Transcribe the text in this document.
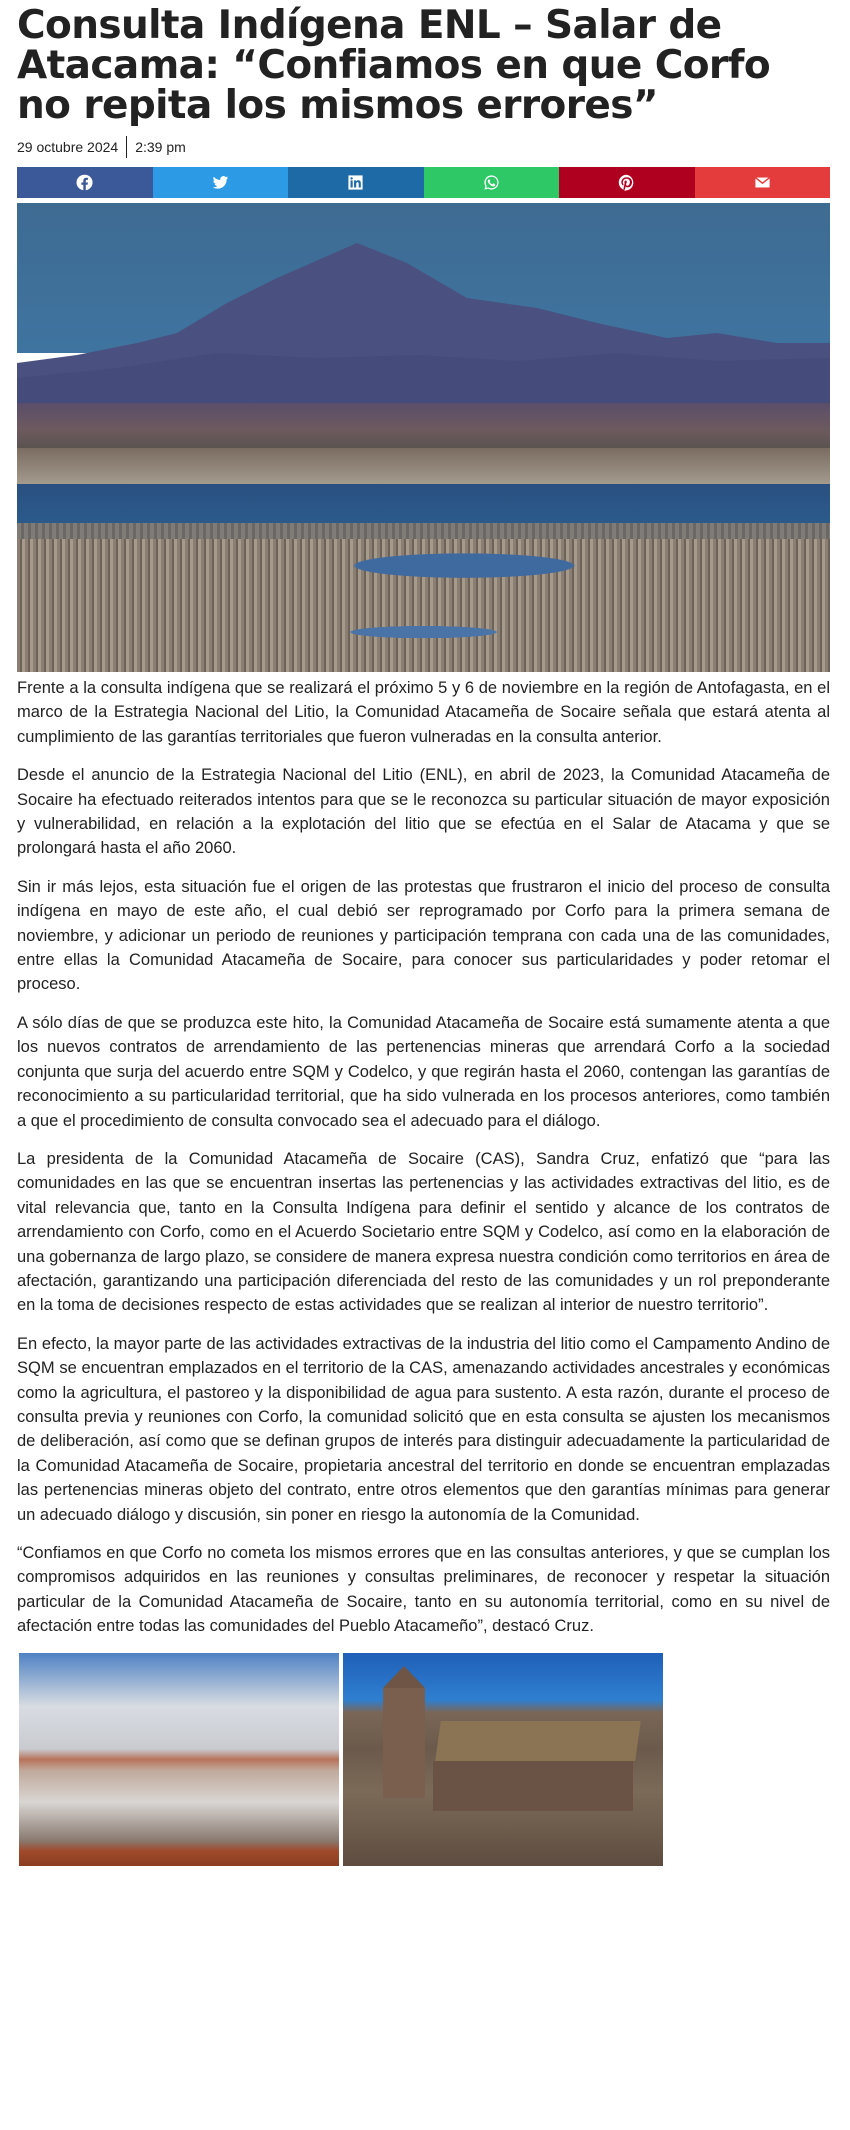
Consulta Indígena ENL – Salar de Atacama: “Confiamos en que Corfo no repita los mismos errores”
29 octubre 2024 2:39 pm

Frente a la consulta indígena que se realizará el próximo 5 y 6 de noviembre en la región de Antofagasta, en el marco de la Estrategia Nacional del Litio, la Comunidad Atacameña de Socaire señala que estará atenta al cumplimiento de las garantías territoriales que fueron vulneradas en la consulta anterior.

Desde el anuncio de la Estrategia Nacional del Litio (ENL), en abril de 2023, la Comunidad Atacameña de Socaire ha efectuado reiterados intentos para que se le reconozca su particular situación de mayor exposición y vulnerabilidad, en relación a la explotación del litio que se efectúa en el Salar de Atacama y que se prolongará hasta el año 2060.

Sin ir más lejos, esta situación fue el origen de las protestas que frustraron el inicio del proceso de consulta indígena en mayo de este año, el cual debió ser reprogramado por Corfo para la primera semana de noviembre, y adicionar un periodo de reuniones y participación temprana con cada una de las comunidades, entre ellas la Comunidad Atacameña de Socaire, para conocer sus particularidades y poder retomar el proceso.

A sólo días de que se produzca este hito, la Comunidad Atacameña de Socaire está sumamente atenta a que los nuevos contratos de arrendamiento de las pertenencias mineras que arrendará Corfo a la sociedad conjunta que surja del acuerdo entre SQM y Codelco, y que regirán hasta el 2060, contengan las garantías de reconocimiento a su particularidad territorial, que ha sido vulnerada en los procesos anteriores, como también a que el procedimiento de consulta convocado sea el adecuado para el diálogo.

La presidenta de la Comunidad Atacameña de Socaire (CAS), Sandra Cruz, enfatizó que “para las comunidades en las que se encuentran insertas las pertenencias y las actividades extractivas del litio, es de vital relevancia que, tanto en la Consulta Indígena para definir el sentido y alcance de los contratos de arrendamiento con Corfo, como en el Acuerdo Societario entre SQM y Codelco, así como en la elaboración de una gobernanza de largo plazo, se considere de manera expresa nuestra condición como territorios en área de afectación, garantizando una participación diferenciada del resto de las comunidades y un rol preponderante en la toma de decisiones respecto de estas actividades que se realizan al interior de nuestro territorio”.

En efecto, la mayor parte de las actividades extractivas de la industria del litio como el Campamento Andino de SQM se encuentran emplazados en el territorio de la CAS, amenazando actividades ancestrales y económicas como la agricultura, el pastoreo y la disponibilidad de agua para sustento. A esta razón, durante el proceso de consulta previa y reuniones con Corfo, la comunidad solicitó que en esta consulta se ajusten los mecanismos de deliberación, así como que se definan grupos de interés para distinguir adecuadamente la particularidad de la Comunidad Atacameña de Socaire, propietaria ancestral del territorio en donde se encuentran emplazadas las pertenencias mineras objeto del contrato, entre otros elementos que den garantías mínimas para generar un adecuado diálogo y discusión, sin poner en riesgo la autonomía de la Comunidad.

“Confiamos en que Corfo no cometa los mismos errores que en las consultas anteriores, y que se cumplan los compromisos adquiridos en las reuniones y consultas preliminares, de reconocer y respetar la situación particular de la Comunidad Atacameña de Socaire, tanto en su autonomía territorial, como en su nivel de afectación entre todas las comunidades del Pueblo Atacameño”, destacó Cruz.
